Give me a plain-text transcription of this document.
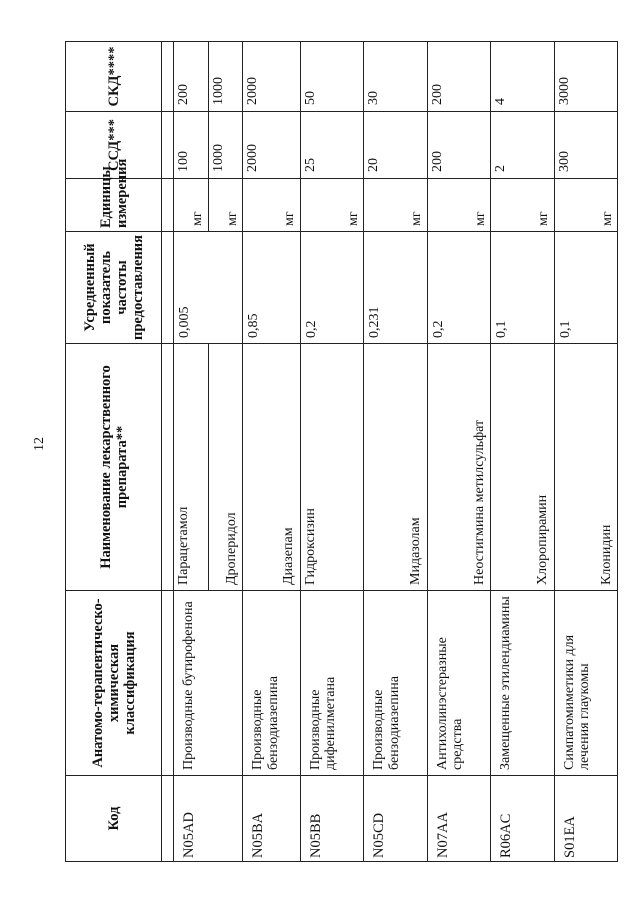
12
Код	Анатомо-терапевтическо-химическая классификация	Наименование лекарственного препарата**	Усредненный показатель частоты предоставления	Единицы измерения	ССД***	СКД****

N05AD	Производные бутирофенона	Парацетамол	0,005	мг	100	200
		Дроперидол		мг	1000	1000
N05BA	Производные бензодиазепина	Диазепам	0,85	мг	2000	2000
N05BB	Производные дифенилметана	Гидроксизин	0,2	мг	25	50
N05CD	Производные бензодиазепина	Мидазолам	0,231	мг	20	30
N07AA	Антихолинэстеразные средства	Неостигмина метилсульфат	0,2	мг	200	200
R06AC	Замещенные этилендиамины	Хлоропирамин	0,1	мг	2	4
S01EA	Симпатомиметики для лечения глаукомы	Клонидин	0,1	мг	300	3000
